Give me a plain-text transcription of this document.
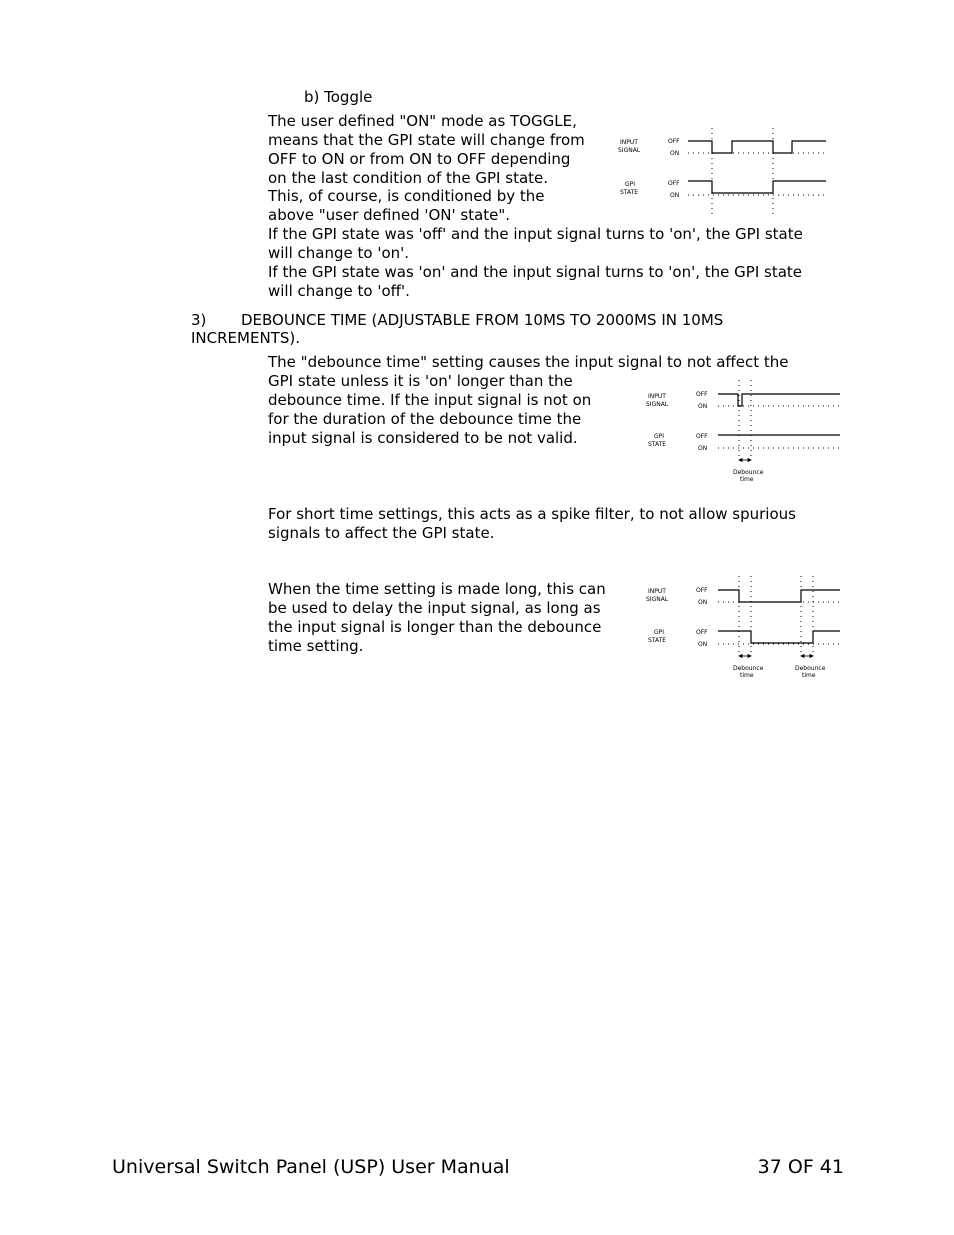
b) Toggle
The user defined "ON" mode as TOGGLE,
means that the GPI state will change from
OFF to ON or from ON to OFF depending
on the last condition of the GPI state.
This, of course, is conditioned by the
above "user defined 'ON' state".
INPUT
SIGNAL
OFF
ON
GPI
STATE
OFF
ON
If the GPI state was 'off' and the input signal turns to 'on', the GPI state
will change to 'on'.
If the GPI state was 'on' and the input signal turns to 'on', the GPI state
will change to 'off'.
3) DEBOUNCE TIME (ADJUSTABLE FROM 10MS TO 2000MS IN 10MS
INCREMENTS).
The "debounce time" setting causes the input signal to not affect the
GPI state unless it is 'on' longer than the
debounce time. If the input signal is not on
for the duration of the debounce time the
input signal is considered to be not valid.
INPUT
SIGNAL
OFF
ON
GPI
STATE
OFF
ON
Debounce
time
For short time settings, this acts as a spike filter, to not allow spurious
signals to affect the GPI state.
When the time setting is made long, this can
be used to delay the input signal, as long as
the input signal is longer than the debounce
time setting.
INPUT
SIGNAL
OFF
ON
GPI
STATE
OFF
ON
Debounce
time
Debounce
time
Universal Switch Panel (USP) User Manual	37 OF 41
